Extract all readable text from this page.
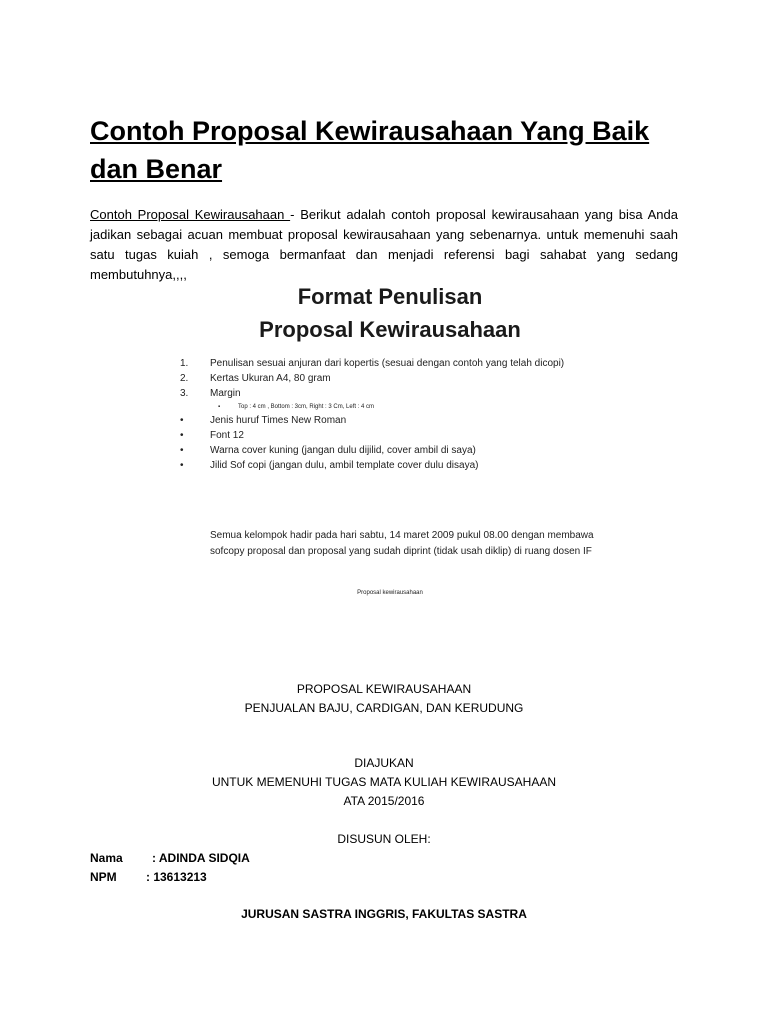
Contoh Proposal Kewirausahaan Yang Baik dan Benar
Contoh Proposal Kewirausahaan - Berikut adalah contoh proposal kewirausahaan yang bisa Anda jadikan sebagai acuan membuat proposal kewirausahaan yang sebenarnya. untuk memenuhi saah satu tugas kuiah , semoga bermanfaat dan menjadi referensi bagi sahabat yang sedang membutuhnya,,,,
Format Penulisan
Proposal Kewirausahaan
1.	Penulisan sesuai anjuran dari kopertis (sesuai dengan contoh yang telah dicopi)
2.	Kertas Ukuran A4, 80 gram
3.	Margin
▪	Top : 4 cm , Bottom : 3cm, Right : 3 Cm, Left : 4 cm
•	Jenis huruf Times New Roman
•	Font 12
•	Warna cover kuning (jangan dulu dijilid, cover ambil di saya)
•	Jilid Sof copi (jangan dulu, ambil template cover dulu disaya)
Semua kelompok hadir pada hari sabtu, 14 maret 2009 pukul 08.00 dengan membawa sofcopy proposal dan proposal yang sudah diprint (tidak usah diklip) di ruang dosen IF
Proposal kewirausahaan
PROPOSAL KEWIRAUSAHAAN
PENJUALAN BAJU, CARDIGAN, DAN KERUDUNG
DIAJUKAN
UNTUK MEMENUHI TUGAS MATA KULIAH KEWIRAUSAHAAN
ATA 2015/2016
DISUSUN OLEH:
Nama : ADINDA SIDQIA
NPM : 13613213
JURUSAN SASTRA INGGRIS, FAKULTAS SASTRA
